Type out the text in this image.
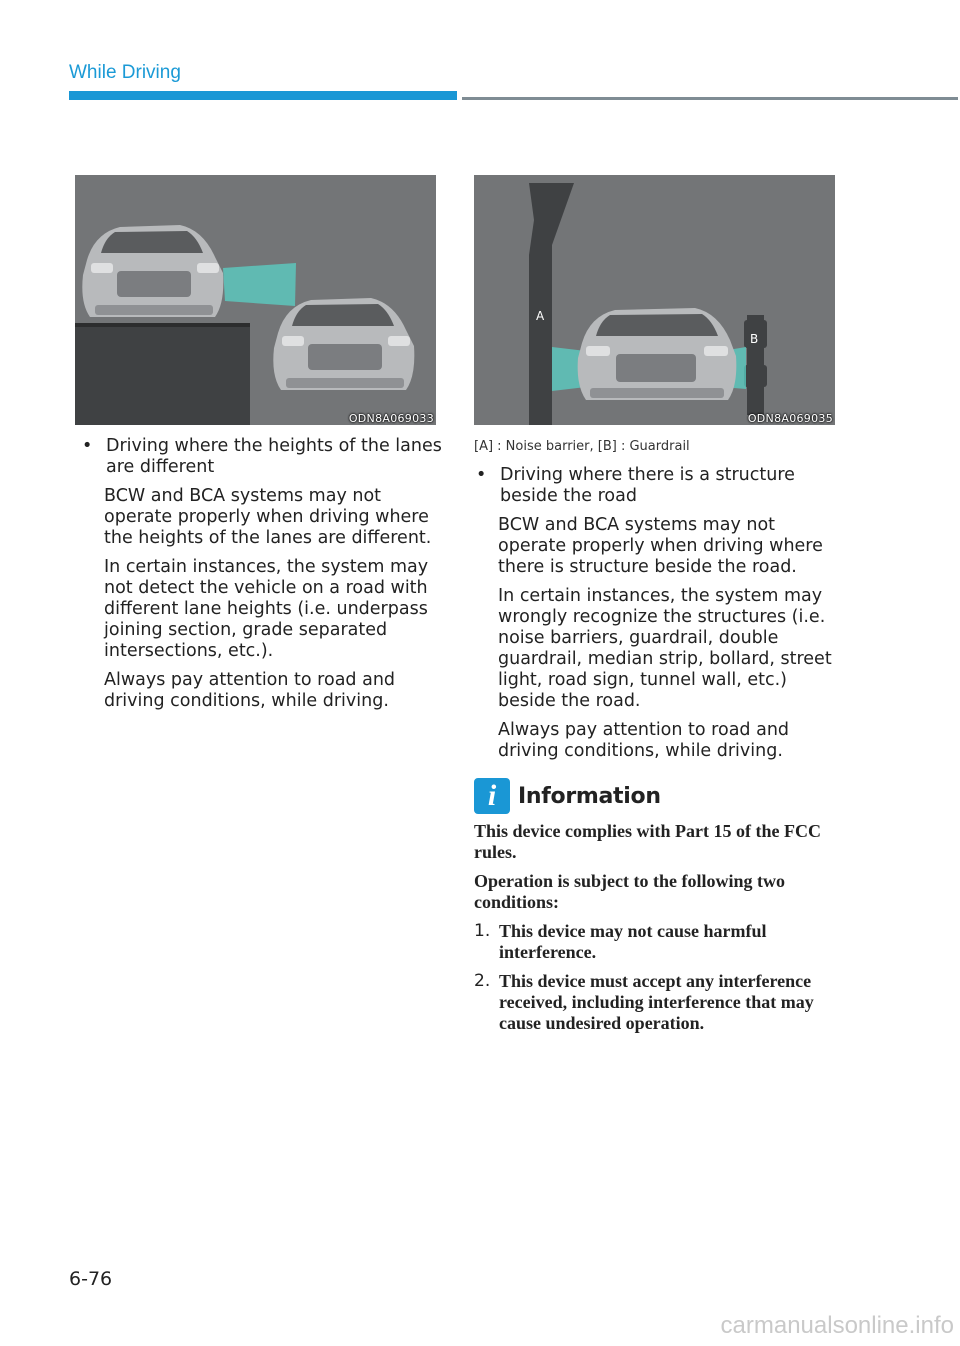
While Driving
ODN8A069033
A
B
ODN8A069035
• Driving where the heights of the lanes are different

BCW and BCA systems may not operate properly when driving where the heights of the lanes are different.

In certain instances, the system may not detect the vehicle on a road with different lane heights (i.e. underpass joining section, grade separated intersections, etc.).

Always pay attention to road and driving conditions, while driving.

[A] : Noise barrier, [B] : Guardrail

• Driving where there is a structure beside the road

BCW and BCA systems may not operate properly when driving where there is structure beside the road.

In certain instances, the system may wrongly recognize the structures (i.e. noise barriers, guardrail, double guardrail, median strip, bollard, street light, road sign, tunnel wall, etc.) beside the road.

Always pay attention to road and driving conditions, while driving.

i Information

This device complies with Part 15 of the FCC rules.

Operation is subject to the following two conditions:

1. This device may not cause harmful interference.
2. This device must accept any interference received, including interference that may cause undesired operation.
6-76
carmanualsonline.info
